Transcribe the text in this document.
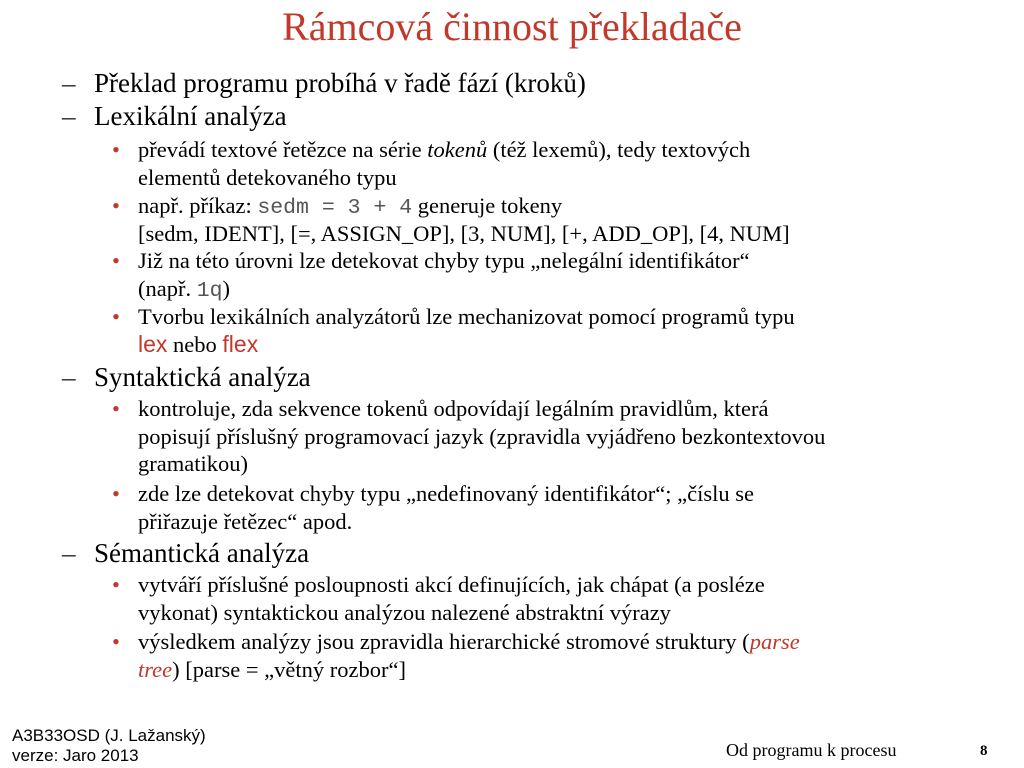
Rámcová činnost překladače
– Překlad programu probíhá v řadě fází (kroků)
– Lexikální analýza
• převádí textové řetězce na série tokenů (též lexemů), tedy textových
elementů detekovaného typu
• např. příkaz: sedm = 3 + 4 generuje tokeny
[sedm, IDENT], [=, ASSIGN_OP], [3, NUM], [+, ADD_OP], [4, NUM]
• Již na této úrovni lze detekovat chyby typu „nelegální identifikátor“
(např. 1q)
• Tvorbu lexikálních analyzátorů lze mechanizovat pomocí programů typu
lex nebo flex
– Syntaktická analýza
• kontroluje, zda sekvence tokenů odpovídají legálním pravidlům, která
popisují příslušný programovací jazyk (zpravidla vyjádřeno bezkontextovou
gramatikou)
• zde lze detekovat chyby typu „nedefinovaný identifikátor“; „číslu se
přiřazuje řetězec“ apod.
– Sémantická analýza
• vytváří příslušné posloupnosti akcí definujících, jak chápat (a posléze
vykonat) syntaktickou analýzou nalezené abstraktní výrazy
• výsledkem analýzy jsou zpravidla hierarchické stromové struktury (parse
tree) [parse = „větný rozbor“]
A3B33OSD (J. Lažanský)
verze: Jaro 2013	Od programu k procesu	8
